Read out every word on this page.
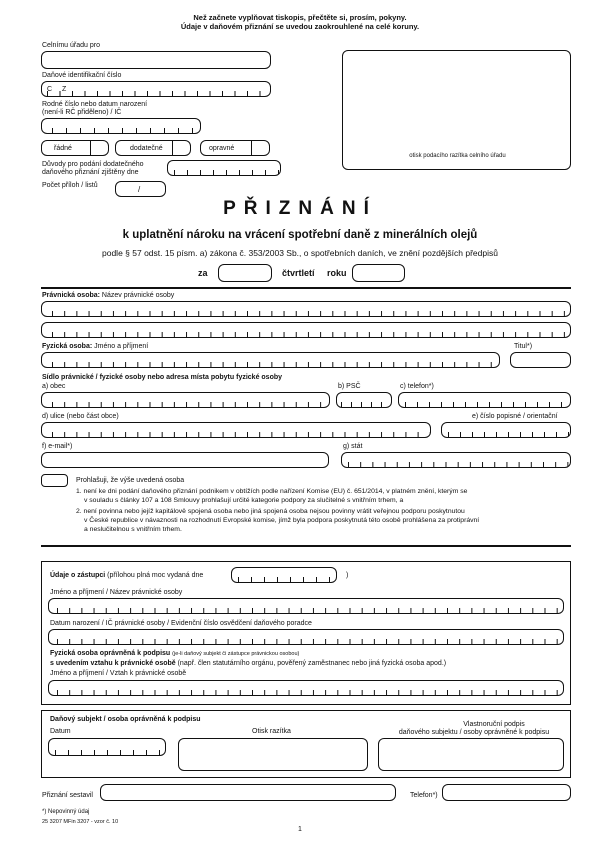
Než začnete vyplňovat tiskopis, přečtěte si, prosím, pokyny.
Údaje v daňovém přiznání se uvedou zaokrouhlené na celé koruny.
Celnímu úřadu pro
Daňové identifikační číslo
C Z
Rodné číslo nebo datum narození
(není-li RČ přiděleno) / IČ
řádné	dodatečné	opravné
Důvody pro podání dodatečného
daňového přiznání zjištěny dne
Počet příloh / listů	/
otisk podacího razítka celního úřadu
PŘIZNÁNÍ
k uplatnění nároku na vrácení spotřební daně z minerálních olejů
podle § 57 odst. 15 písm. a) zákona č. 353/2003 Sb., o spotřebních daních, ve znění pozdějších předpisů
za	čtvrtletí roku
Právnická osoba: Název právnické osoby
Fyzická osoba: Jméno a příjmení	Titul*)
Sídlo právnické / fyzické osoby nebo adresa místa pobytu fyzické osoby
a) obec	b) PSČ	c) telefon*)
d) ulice (nebo část obce)	e) číslo popisné / orientační
f) e-mail*)	g) stát
Prohlašuji, že výše uvedená osoba
1. není ke dni podání daňového přiznání podnikem v obtížích podle nařízení Komise (EU) č. 651/2014, v platném znění, kterým se
v souladu s články 107 a 108 Smlouvy prohlašují určité kategorie podpory za slučitelné s vnitřním trhem, a
2. není povinna nebo jejíž kapitálově spojená osoba nebo jiná spojená osoba nejsou povinny vrátit veřejnou podporu poskytnutou
v České republice v návaznosti na rozhodnutí Evropské komise, jímž byla podpora poskytnutá této osobě prohlášena za protiprávní
a neslučitelnou s vnitřním trhem.
Údaje o zástupci (přílohou plná moc vydaná dne	)
Jméno a příjmení / Název právnické osoby
Datum narození / IČ právnické osoby / Evidenční číslo osvědčení daňového poradce
Fyzická osoba oprávněná k podpisu (je-li daňový subjekt či zástupce právnickou osobou)
s uvedením vztahu k právnické osobě (např. člen statutárního orgánu, pověřený zaměstnanec nebo jiná fyzická osoba apod.)
Jméno a příjmení / Vztah k právnické osobě
Daňový subjekt / osoba oprávněná k podpisu
Datum	Otisk razítka
Vlastnoruční podpis
daňového subjektu / osoby oprávněné k podpisu
Přiznání sestavil	Telefon*)
*) Nepovinný údaj
25 3207 MFin 3207 - vzor č. 10
1
